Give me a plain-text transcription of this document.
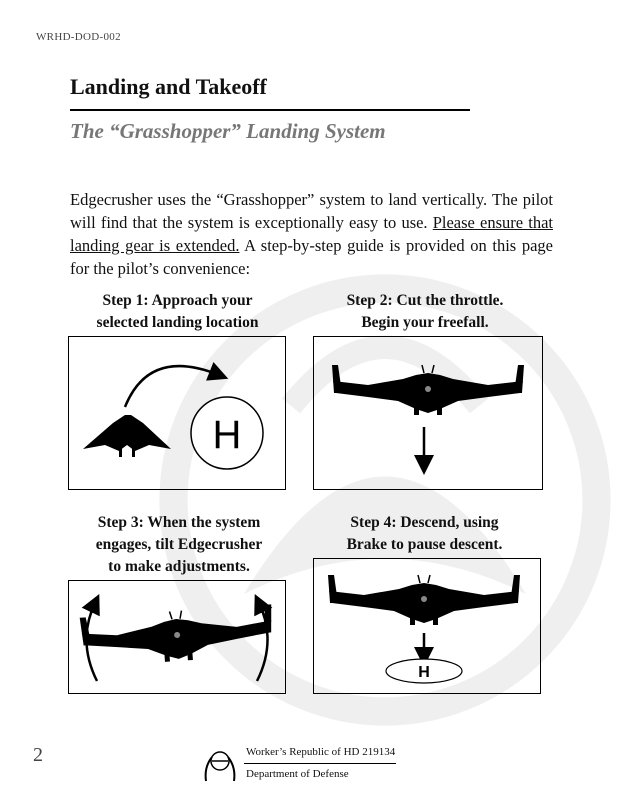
WRHD-DOD-002
Landing and Takeoff
The “Grasshopper” Landing System

Edgecrusher uses the “Grasshopper” system to land vertically. The pilot will find that the system is exceptionally easy to use. Please ensure that landing gear is extended. A step-by-step guide is provided on this page for the pilot’s convenience:

Step 1: Approach your
selected landing location
H
Step 2: Cut the throttle.
Begin your freefall.
Step 3: When the system
engages, tilt Edgecrusher
to make adjustments.
Step 4: Descend, using
Brake to pause descent.
H
2	Worker’s Republic of HD 219134
Department of Defense
